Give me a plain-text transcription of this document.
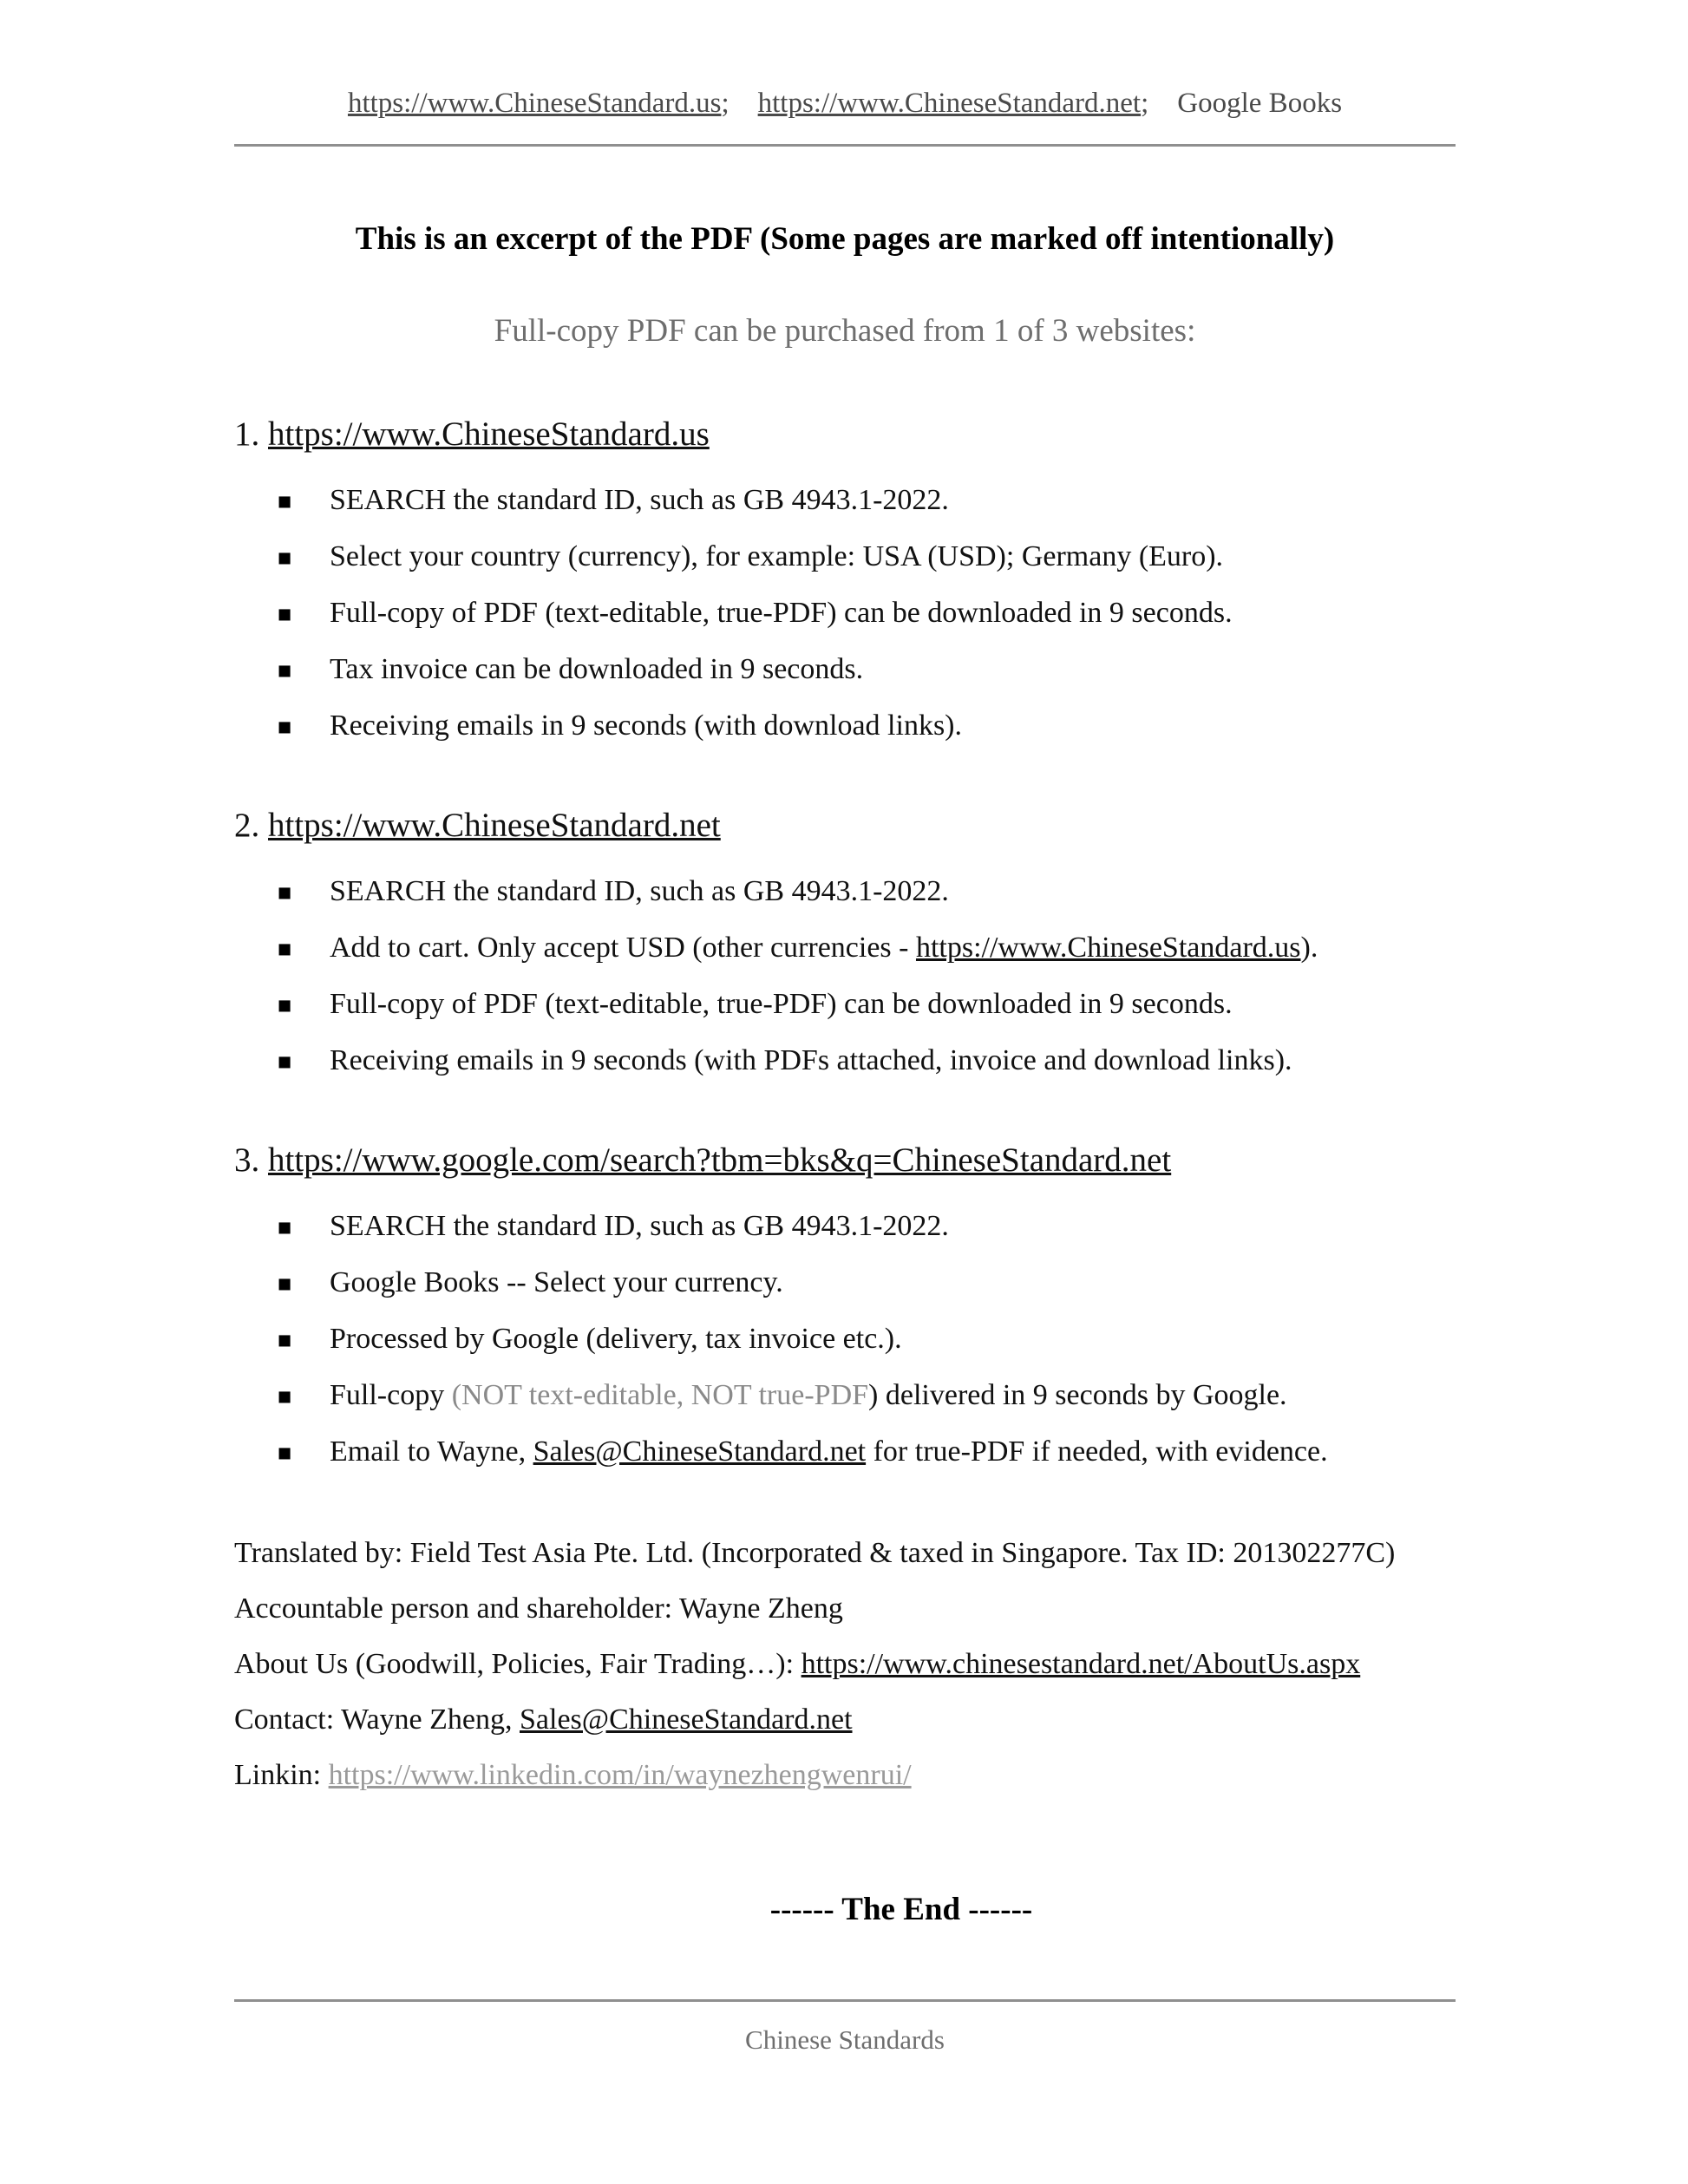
https://www.ChineseStandard.us;    https://www.ChineseStandard.net;    Google Books
This is an excerpt of the PDF (Some pages are marked off intentionally)
Full-copy PDF can be purchased from 1 of 3 websites:
1. https://www.ChineseStandard.us
■	SEARCH the standard ID, such as GB 4943.1-2022.
■	Select your country (currency), for example: USA (USD); Germany (Euro).
■	Full-copy of PDF (text-editable, true-PDF) can be downloaded in 9 seconds.
■	Tax invoice can be downloaded in 9 seconds.
■	Receiving emails in 9 seconds (with download links).
2. https://www.ChineseStandard.net
■	SEARCH the standard ID, such as GB 4943.1-2022.
■	Add to cart. Only accept USD (other currencies - https://www.ChineseStandard.us).
■	Full-copy of PDF (text-editable, true-PDF) can be downloaded in 9 seconds.
■	Receiving emails in 9 seconds (with PDFs attached, invoice and download links).
3. https://www.google.com/search?tbm=bks&q=ChineseStandard.net
■	SEARCH the standard ID, such as GB 4943.1-2022.
■	Google Books -- Select your currency.
■	Processed by Google (delivery, tax invoice etc.).
■	Full-copy (NOT text-editable, NOT true-PDF) delivered in 9 seconds by Google.
■	Email to Wayne, Sales@ChineseStandard.net for true-PDF if needed, with evidence.
Translated by: Field Test Asia Pte. Ltd. (Incorporated & taxed in Singapore. Tax ID: 201302277C)
Accountable person and shareholder: Wayne Zheng
About Us (Goodwill, Policies, Fair Trading…): https://www.chinesestandard.net/AboutUs.aspx
Contact: Wayne Zheng, Sales@ChineseStandard.net
Linkin: https://www.linkedin.com/in/waynezhengwenrui/
------ The End ------
Chinese Standards
